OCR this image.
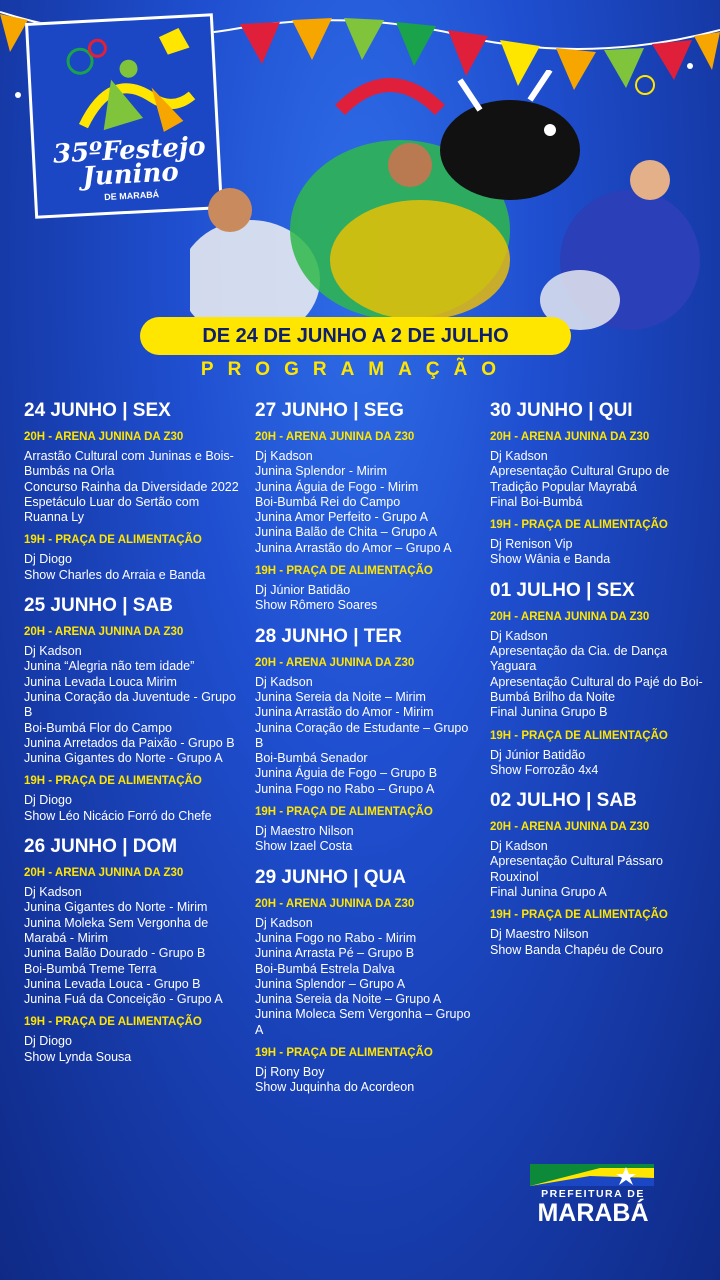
35ºFestejo
Junino
DE MARABÁ
DE 24 DE JUNHO A 2 DE JULHO
PROGRAMAÇÃO
24 JUNHO | SEX
20H - ARENA JUNINA DA Z30
Arrastão Cultural com Juninas e Bois-Bumbás na Orla
Concurso Rainha da Diversidade 2022
Espetáculo Luar do Sertão com Ruanna Ly
19H - PRAÇA DE ALIMENTAÇÃO
Dj Diogo
Show Charles do Arraia e Banda
25 JUNHO | SAB
20H - ARENA JUNINA DA Z30
Dj Kadson
Junina “Alegria não tem idade”
Junina Levada Louca Mirim
Junina Coração da Juventude - Grupo B
Boi-Bumbá Flor do Campo
Junina Arretados da Paixão - Grupo B
Junina Gigantes do Norte - Grupo A
19H - PRAÇA DE ALIMENTAÇÃO
Dj Diogo
Show Léo Nicácio Forró do Chefe
26 JUNHO | DOM
20H - ARENA JUNINA DA Z30
Dj Kadson
Junina Gigantes do Norte - Mirim
Junina Moleka Sem Vergonha de Marabá - Mirim
Junina Balão Dourado - Grupo B
Boi-Bumbá Treme Terra
Junina Levada Louca - Grupo B
Junina Fuá da Conceição - Grupo A
19H - PRAÇA DE ALIMENTAÇÃO
Dj Diogo
Show Lynda Sousa
27 JUNHO | SEG
20H - ARENA JUNINA DA Z30
Dj Kadson
Junina Splendor - Mirim
Junina Águia de Fogo - Mirim
Boi-Bumbá Rei do Campo
Junina Amor Perfeito - Grupo A
Junina Balão de Chita – Grupo A
Junina Arrastão do Amor – Grupo A
19H - PRAÇA DE ALIMENTAÇÃO
Dj Júnior Batidão
Show Rômero Soares
28 JUNHO | TER
20H - ARENA JUNINA DA Z30
Dj Kadson
Junina Sereia da Noite – Mirim
Junina Arrastão do Amor - Mirim
Junina Coração de Estudante – Grupo B
Boi-Bumbá Senador
Junina Águia de Fogo – Grupo B
Junina Fogo no Rabo – Grupo A
19H - PRAÇA DE ALIMENTAÇÃO
Dj Maestro Nilson
Show Izael Costa
29 JUNHO | QUA
20H - ARENA JUNINA DA Z30
Dj Kadson
Junina Fogo no Rabo - Mirim
Junina Arrasta Pé – Grupo B
Boi-Bumbá Estrela Dalva
Junina Splendor – Grupo A
Junina Sereia da Noite – Grupo A
Junina Moleca Sem Vergonha – Grupo A
19H - PRAÇA DE ALIMENTAÇÃO
Dj Rony Boy
Show Juquinha do Acordeon
30 JUNHO | QUI
20H - ARENA JUNINA DA Z30
Dj Kadson
Apresentação Cultural Grupo de Tradição Popular Mayrabá
Final Boi-Bumbá
19H - PRAÇA DE ALIMENTAÇÃO
Dj Renison Vip
Show Wânia e Banda
01 JULHO | SEX
20H - ARENA JUNINA DA Z30
Dj Kadson
Apresentação da Cia. de Dança Yaguara
Apresentação Cultural do Pajé do Boi-Bumbá Brilho da Noite
Final Junina Grupo B
19H - PRAÇA DE ALIMENTAÇÃO
Dj Júnior Batidão
Show Forrozão 4x4
02 JULHO | SAB
20H - ARENA JUNINA DA Z30
Dj Kadson
Apresentação Cultural Pássaro Rouxinol
Final Junina Grupo A
19H - PRAÇA DE ALIMENTAÇÃO
Dj Maestro Nilson
Show Banda Chapéu de Couro
PREFEITURA DE
MARABÁ
